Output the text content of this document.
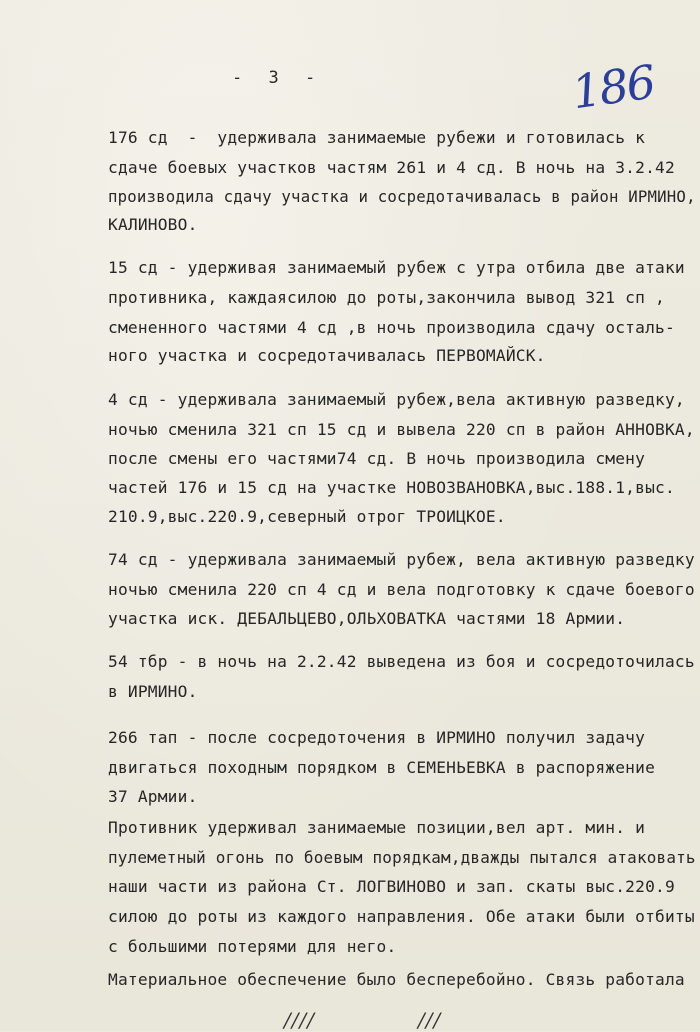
- 3 -	186
176 сд  -  удерживала занимаемые рубежи и готовилась к
сдаче боевых участков частям 261 и 4 сд. В ночь на 3.2.42
производила сдачу участка и сосредотачивалась в район ИРМИНО,
КАЛИНОВО.
15 сд - удерживая занимаемый рубеж с утра отбила две атаки
противника, каждаясилою до роты,закончила вывод 321 сп ,
смененного частями 4 сд ,в ночь производила сдачу осталь-
ного участка и сосредотачивалась ПЕРВОМАЙСК.
4 сд - удерживала занимаемый рубеж,вела активную разведку,
ночью сменила 321 сп 15 сд и вывела 220 сп в район АННОВКА,
после смены его частями74 сд. В ночь производила смену
частей 176 и 15 сд на участке НОВОЗВАНОВКА,выс.188.1,выс.
210.9,выс.220.9,северный отрог ТРОИЦКОЕ.
74 сд - удерживала занимаемый рубеж, вела активную разведку
ночью сменила 220 сп 4 сд и вела подготовку к сдаче боевого
участка иск. ДЕБАЛЬЦЕВО,ОЛЬХОВАТКА частями 18 Армии.
54 тбр - в ночь на 2.2.42 выведена из боя и сосредоточилась
в ИРМИНО.
266 тап - после сосредоточения в ИРМИНО получил задачу
двигаться походным порядком в СЕМЕНЬЕВКА в распоряжение
37 Армии.
Противник удерживал занимаемые позиции,вел арт. мин. и
пулеметный огонь по боевым порядкам,дважды пытался атаковать
наши части из района Ст. ЛОГВИНОВО и зап. скаты выс.220.9
силою до роты из каждого направления. Обе атаки были отбиты
с большими потерями для него.
Материальное обеспечение было бесперебойно. Связь работала
////	///
